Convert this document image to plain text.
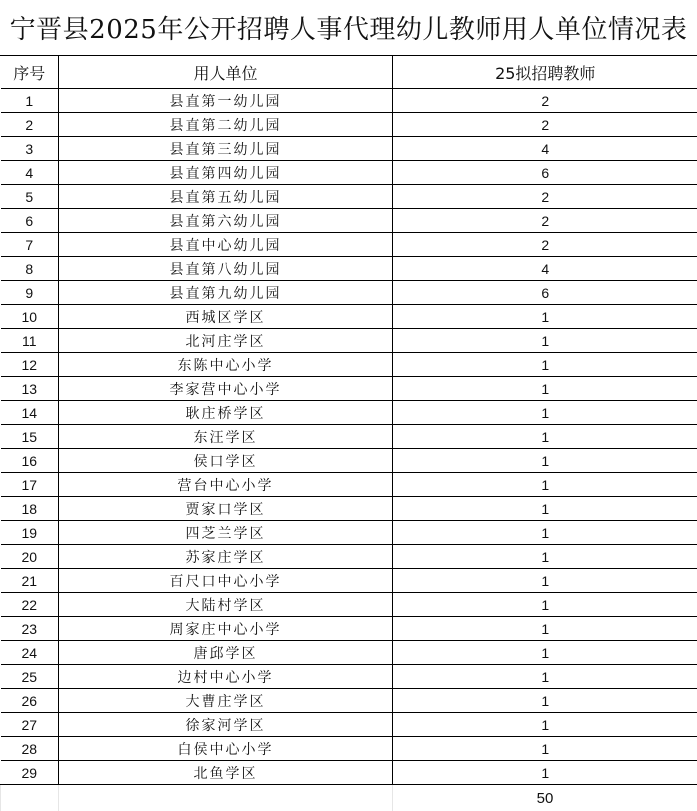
宁晋县2025年公开招聘人事代理幼儿教师用人单位情况表
序号	用人单位	25拟招聘教师
1	县直第一幼儿园	2
2	县直第二幼儿园	2
3	县直第三幼儿园	4
4	县直第四幼儿园	6
5	县直第五幼儿园	2
6	县直第六幼儿园	2
7	县直中心幼儿园	2
8	县直第八幼儿园	4
9	县直第九幼儿园	6
10	西城区学区	1
11	北河庄学区	1
12	东陈中心小学	1
13	李家营中心小学	1
14	耿庄桥学区	1
15	东汪学区	1
16	侯口学区	1
17	营台中心小学	1
18	贾家口学区	1
19	四芝兰学区	1
20	苏家庄学区	1
21	百尺口中心小学	1
22	大陆村学区	1
23	周家庄中心小学	1
24	唐邱学区	1
25	边村中心小学	1
26	大曹庄学区	1
27	徐家河学区	1
28	白侯中心小学	1
29	北鱼学区	1
		50
